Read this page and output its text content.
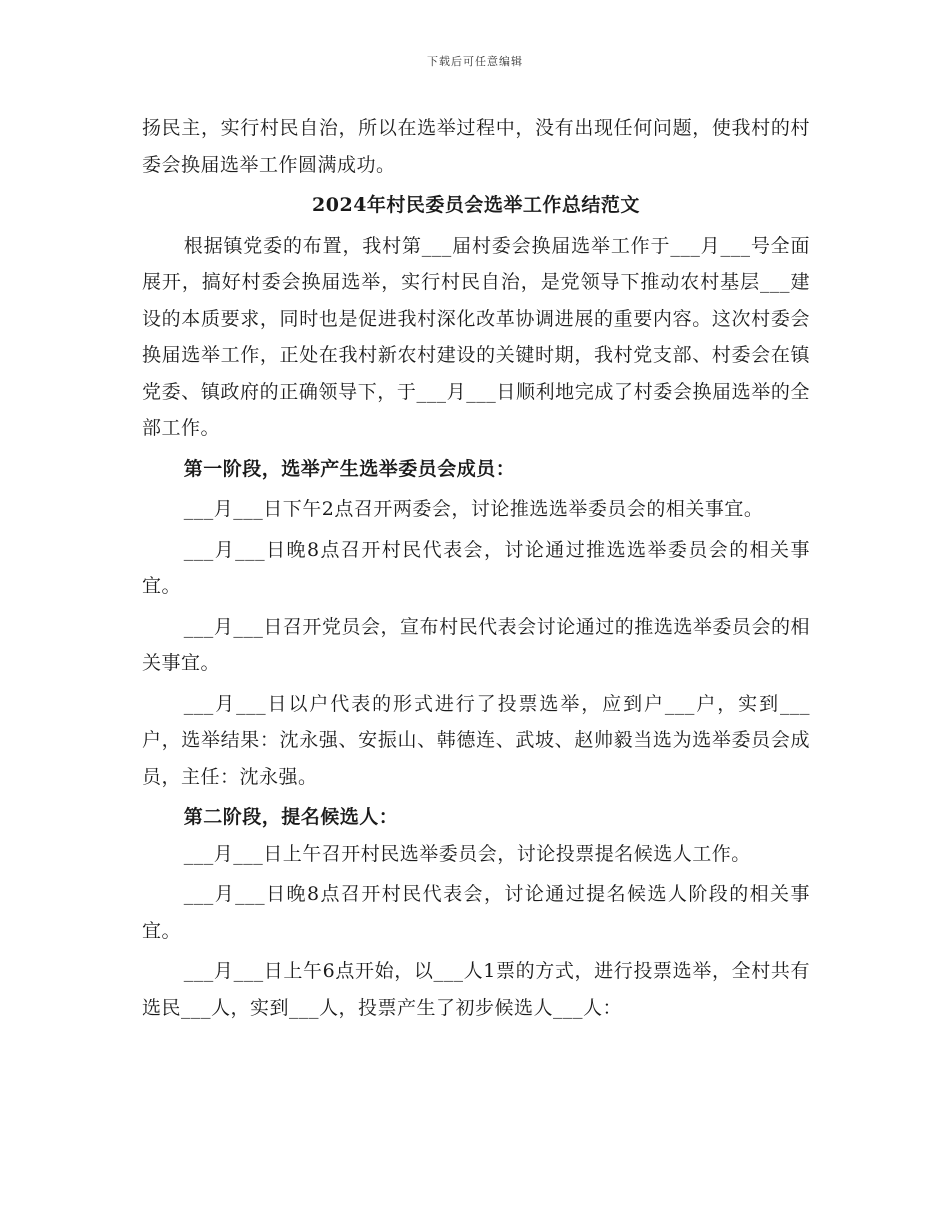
下载后可任意编辑

扬民主，实行村民自治，所以在选举过程中，没有出现任何问题，使我村的村委会换届选举工作圆满成功。

2024年村民委员会选举工作总结范文

根据镇党委的布置，我村第___届村委会换届选举工作于___月___号全面展开，搞好村委会换届选举，实行村民自治，是党领导下推动农村基层___建设的本质要求，同时也是促进我村深化改革协调进展的重要内容。这次村委会换届选举工作，正处在我村新农村建设的关键时期，我村党支部、村委会在镇党委、镇政府的正确领导下，于___月___日顺利地完成了村委会换届选举的全部工作。

第一阶段，选举产生选举委员会成员：

___月___日下午2点召开两委会，讨论推选选举委员会的相关事宜。

___月___日晚8点召开村民代表会，讨论通过推选选举委员会的相关事宜。

___月___日召开党员会，宣布村民代表会讨论通过的推选选举委员会的相关事宜。

___月___日以户代表的形式进行了投票选举，应到户___户，实到___户，选举结果：沈永强、安振山、韩德连、武坡、赵帅毅当选为选举委员会成员，主任：沈永强。

第二阶段，提名候选人：

___月___日上午召开村民选举委员会，讨论投票提名候选人工作。

___月___日晚8点召开村民代表会，讨论通过提名候选人阶段的相关事宜。

___月___日上午6点开始，以___人1票的方式，进行投票选举，全村共有选民___人，实到___人，投票产生了初步候选人___人：
